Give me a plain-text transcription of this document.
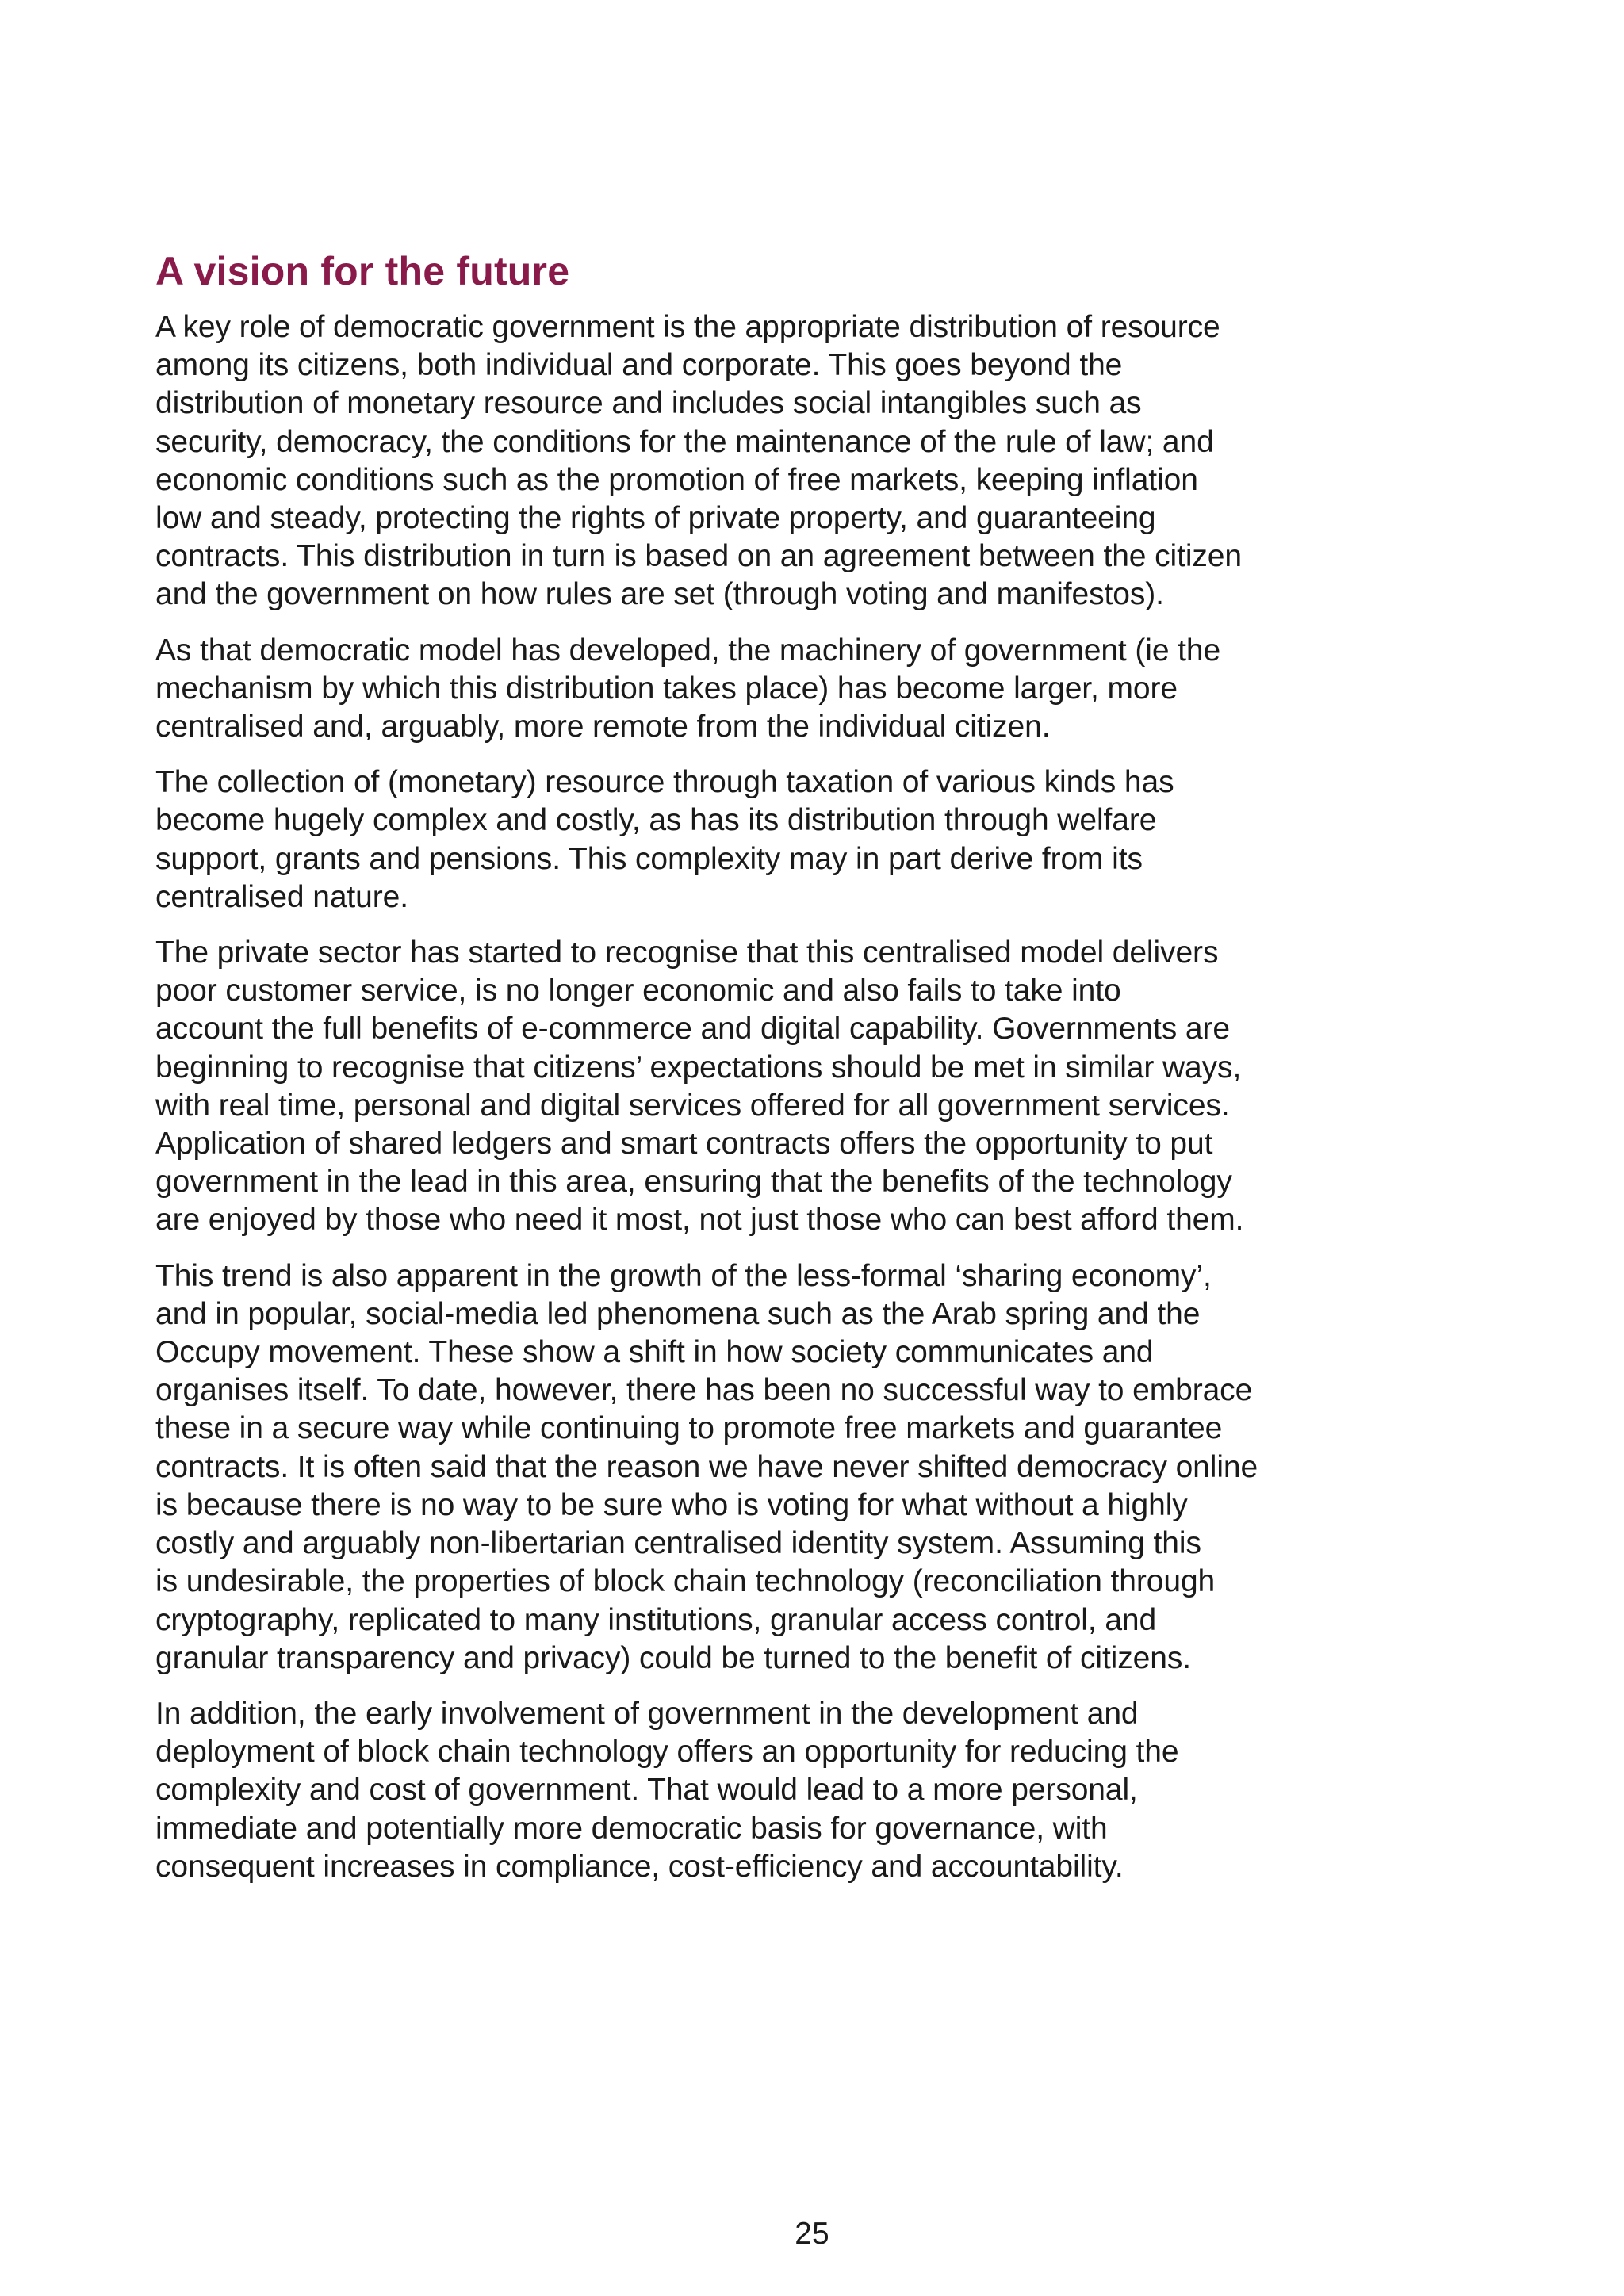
A vision for the future

A key role of democratic government is the appropriate distribution of resource
among its citizens, both individual and corporate. This goes beyond the
distribution of monetary resource and includes social intangibles such as
security, democracy, the conditions for the maintenance of the rule of law; and
economic conditions such as the promotion of free markets, keeping inflation
low and steady, protecting the rights of private property, and guaranteeing
contracts. This distribution in turn is based on an agreement between the citizen
and the government on how rules are set (through voting and manifestos).

As that democratic model has developed, the machinery of government (ie the
mechanism by which this distribution takes place) has become larger, more
centralised and, arguably, more remote from the individual citizen.

The collection of (monetary) resource through taxation of various kinds has
become hugely complex and costly, as has its distribution through welfare
support, grants and pensions. This complexity may in part derive from its
centralised nature.

The private sector has started to recognise that this centralised model delivers
poor customer service, is no longer economic and also fails to take into
account the full benefits of e-commerce and digital capability. Governments are
beginning to recognise that citizens’ expectations should be met in similar ways,
with real time, personal and digital services offered for all government services.
Application of shared ledgers and smart contracts offers the opportunity to put
government in the lead in this area, ensuring that the benefits of the technology
are enjoyed by those who need it most, not just those who can best afford them.

This trend is also apparent in the growth of the less-formal ‘sharing economy’,
and in popular, social-media led phenomena such as the Arab spring and the
Occupy movement. These show a shift in how society communicates and
organises itself. To date, however, there has been no successful way to embrace
these in a secure way while continuing to promote free markets and guarantee
contracts. It is often said that the reason we have never shifted democracy online
is because there is no way to be sure who is voting for what without a highly
costly and arguably non-libertarian centralised identity system. Assuming this
is undesirable, the properties of block chain technology (reconciliation through
cryptography, replicated to many institutions, granular access control, and
granular transparency and privacy) could be turned to the benefit of citizens.

In addition, the early involvement of government in the development and
deployment of block chain technology offers an opportunity for reducing the
complexity and cost of government. That would lead to a more personal,
immediate and potentially more democratic basis for governance, with
consequent increases in compliance, cost-efficiency and accountability.

25
